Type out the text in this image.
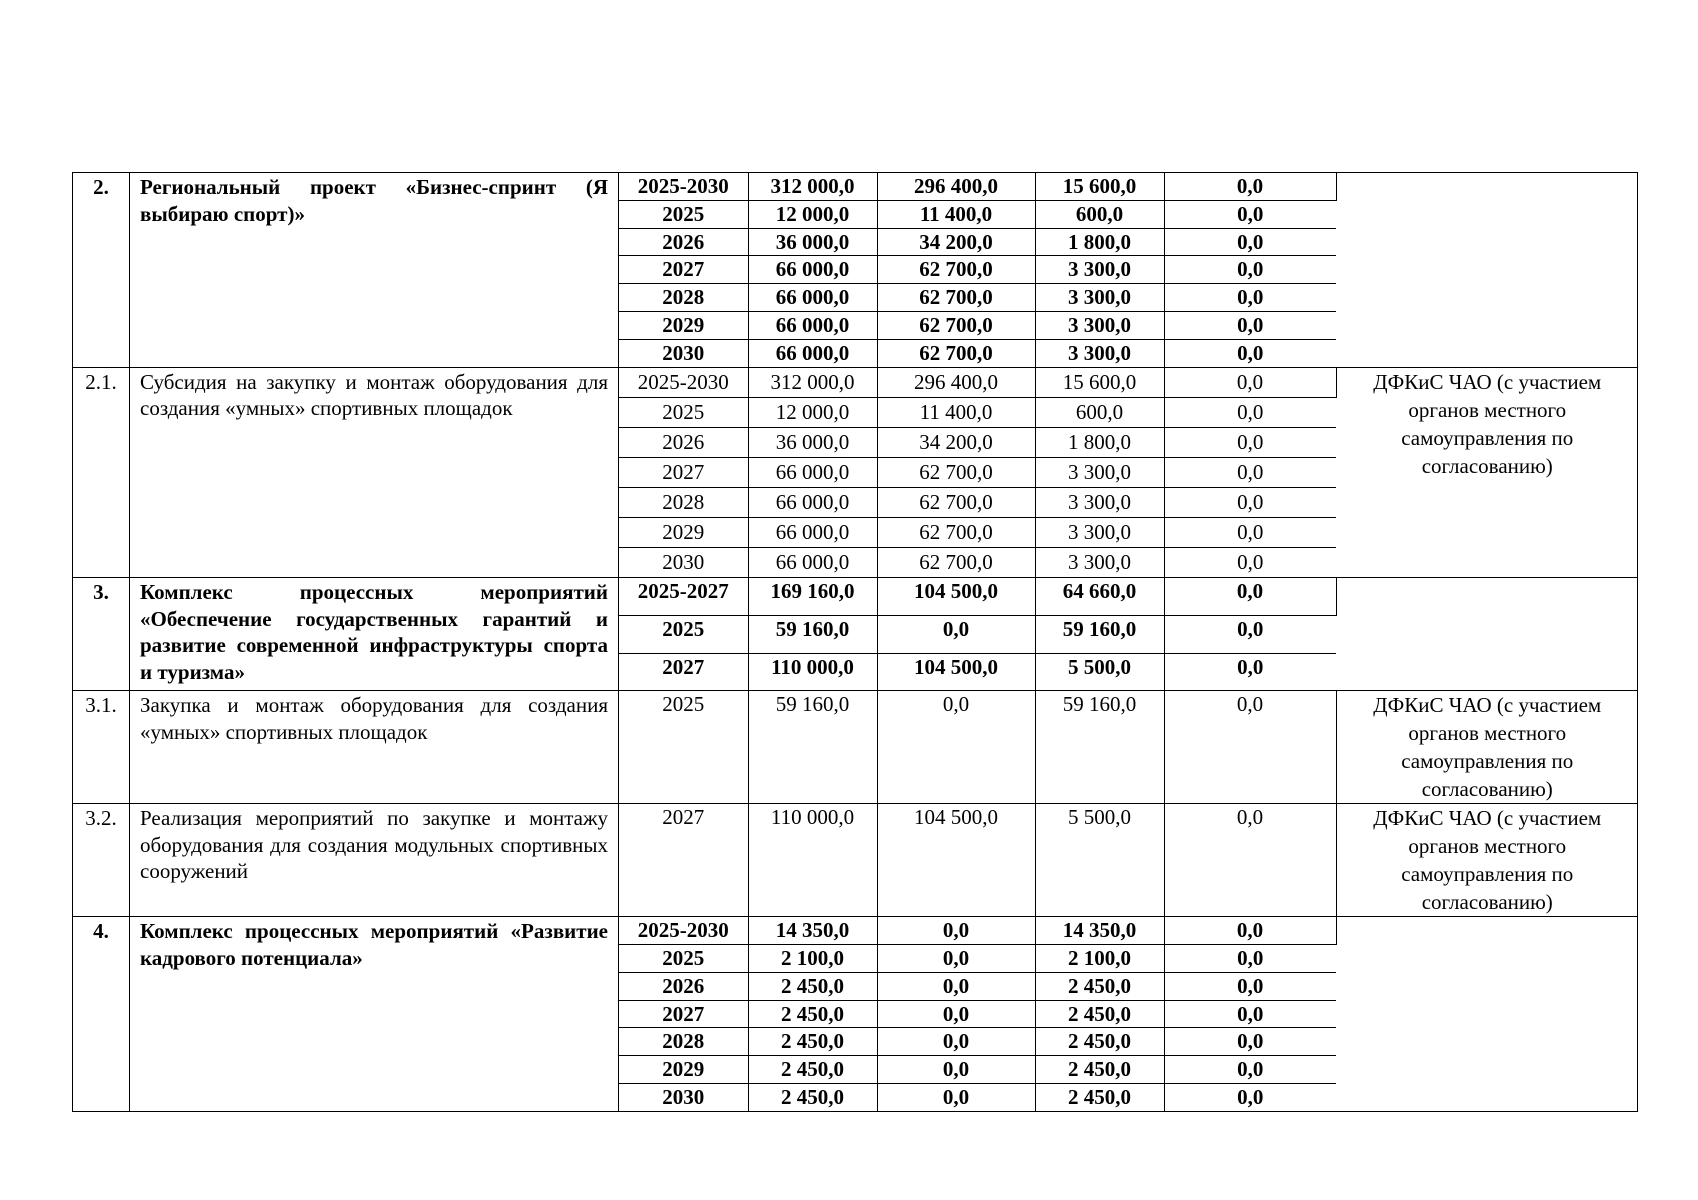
2.	Региональный проект «Бизнес-спринт (Я выбираю спорт)»	
2025-2030	312 000,0	296 400,0	15 600,0	0,0	
2025	12 000,0	11 400,0	600,0	0,0
2026	36 000,0	34 200,0	1 800,0	0,0
2027	66 000,0	62 700,0	3 300,0	0,0
2028	66 000,0	62 700,0	3 300,0	0,0
2029	66 000,0	62 700,0	3 300,0	0,0
2030	66 000,0	62 700,0	3 300,0	0,0

2.1.	Субсидия на закупку и монтаж оборудования для создания «умных» спортивных площадок	
2025-2030	312 000,0	296 400,0	15 600,0	0,0	ДФКиС ЧАО (с участием органов местного самоуправления по согласованию)
2025	12 000,0	11 400,0	600,0	0,0
2026	36 000,0	34 200,0	1 800,0	0,0
2027	66 000,0	62 700,0	3 300,0	0,0
2028	66 000,0	62 700,0	3 300,0	0,0
2029	66 000,0	62 700,0	3 300,0	0,0
2030	66 000,0	62 700,0	3 300,0	0,0

3.	Комплекс процессных мероприятий «Обеспечение государственных гарантий и развитие современной инфраструктуры спорта и туризма»	
2025-2027	169 160,0	104 500,0	64 660,0	0,0	
2025	59 160,0	0,0	59 160,0	0,0
2027	110 000,0	104 500,0	5 500,0	0,0

3.1.	Закупка и монтаж оборудования для создания «умных» спортивных площадок	
2025	59 160,0	0,0	59 160,0	0,0	ДФКиС ЧАО (с участием органов местного самоуправления по согласованию)

3.2.	Реализация мероприятий по закупке и монтажу оборудования для создания модульных спортивных сооружений	
2027	110 000,0	104 500,0	5 500,0	0,0	ДФКиС ЧАО (с участием органов местного самоуправления по согласованию)

4.	Комплекс процессных мероприятий «Развитие кадрового потенциала»	
2025-2030	14 350,0	0,0	14 350,0	0,0	
2025	2 100,0	0,0	2 100,0	0,0
2026	2 450,0	0,0	2 450,0	0,0
2027	2 450,0	0,0	2 450,0	0,0
2028	2 450,0	0,0	2 450,0	0,0
2029	2 450,0	0,0	2 450,0	0,0
2030	2 450,0	0,0	2 450,0	0,0
